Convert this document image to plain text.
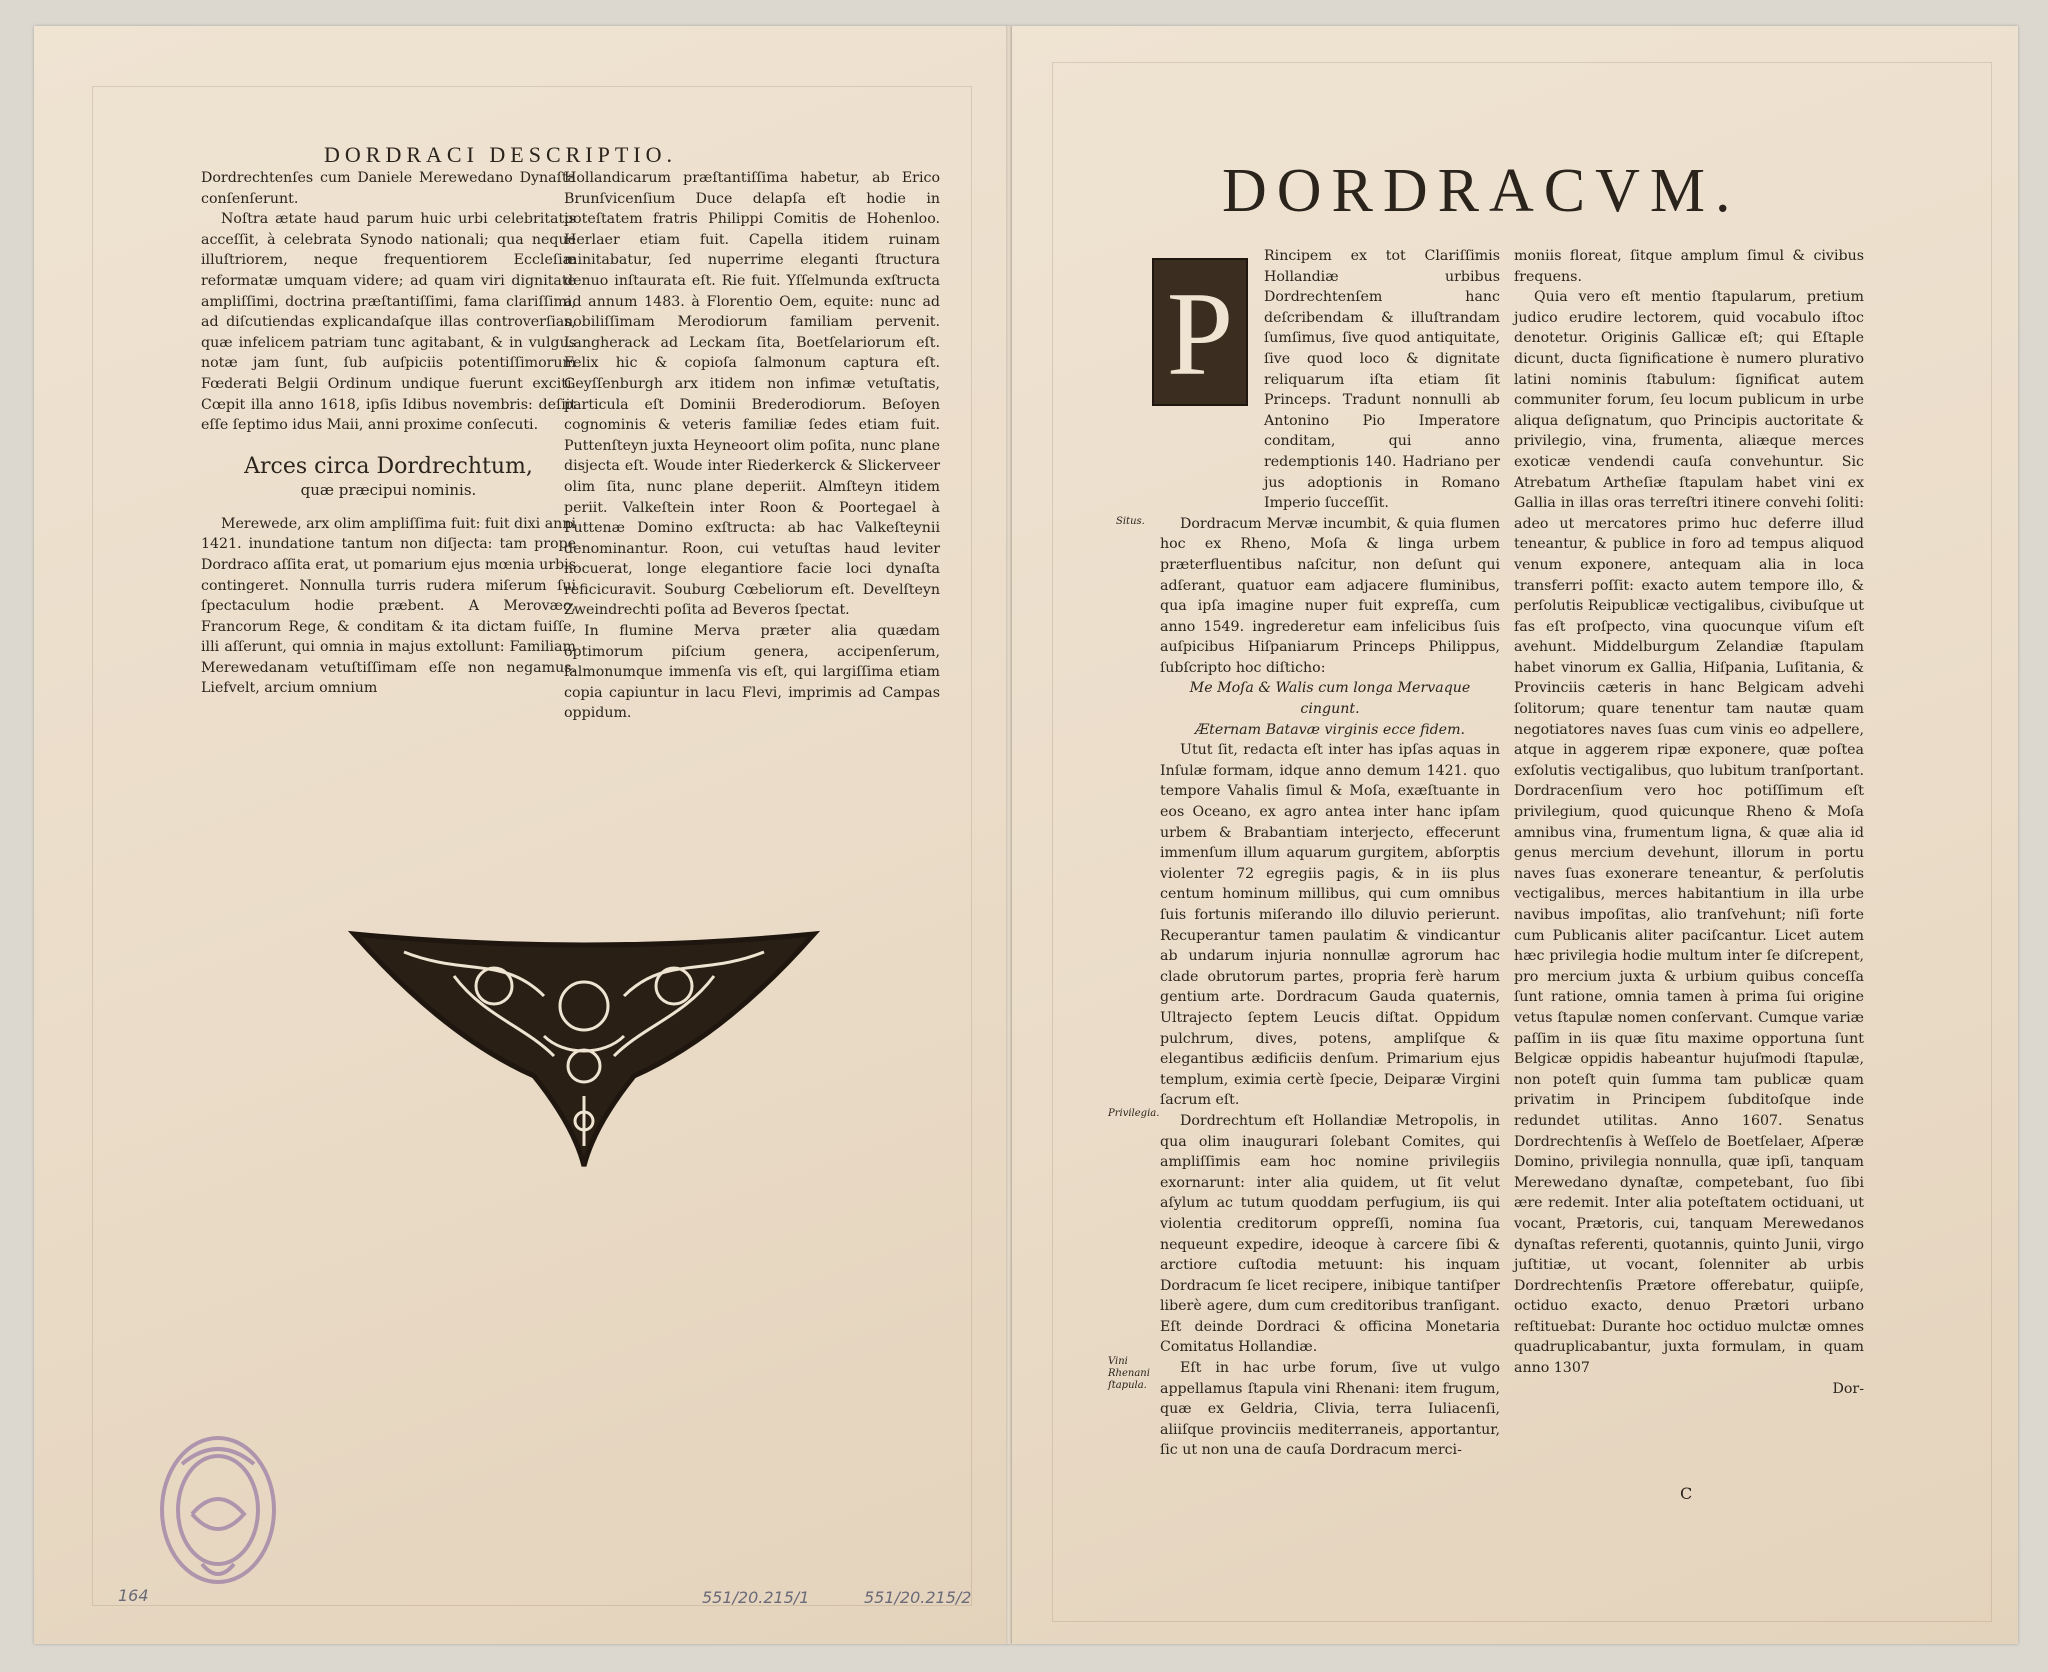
DORDRACI DESCRIPTIO.

Dordrechtenſes cum Daniele Merewedano Dynaſta conſenſerunt.

Noſtra ætate haud parum huic urbi celebritatis acceſſit, à celebrata Synodo nationali; qua neque illuſtriorem, neque frequentiorem Eccleſiæ reformatæ umquam videre; ad quam viri dignitate ampliſſimi, doctrina præſtantiſſimi, fama clariſſimi, ad diſcutiendas explicandaſque illas controverſias, quæ infelicem patriam tunc agitabant, & in vulgus notæ jam ſunt, ſub auſpiciis potentiſſimorum Fœderati Belgii Ordinum undique fuerunt exciti. Cœpit illa anno 1618, ipſis Idibus novembris: deſiit eſſe ſeptimo idus Maii, anni proxime conſecuti.

Arces circa Dordrechtum,
quæ præcipui nominis.

Merewede, arx olim ampliſſima fuit: fuit dixi anni 1421. inundatione tantum non diſjecta: tam prope Dordraco aſſita erat, ut pomarium ejus mœnia urbis contingeret. Nonnulla turris rudera miſerum ſui ſpectaculum hodie præbent. A Merovæo, Francorum Rege, & conditam & ita dictam fuiſſe, illi aſſerunt, qui omnia in majus extollunt: Familiam Merewedanam vetuſtiſſimam eſſe non negamus. Liefvelt, arcium omnium

Hollandicarum præſtantiſſima habetur, ab Erico Brunſvicenſium Duce delapſa eſt hodie in poteſtatem fratris Philippi Comitis de Hohenloo. Herlaer etiam fuit. Capella itidem ruinam minitabatur, ſed nuperrime eleganti ſtructura denuo inſtaurata eſt. Rie fuit. Yſſelmunda exſtructa ad annum 1483. à Florentio Oem, equite: nunc ad nobiliſſimam Merodiorum familiam pervenit. Langherack ad Leckam ſita, Boetſelariorum eſt. Felix hic & copioſa ſalmonum captura eſt. Geyſſenburgh arx itidem non infimæ vetuſtatis, particula eſt Dominii Brederodiorum. Beſoyen cognominis & veteris familiæ ſedes etiam fuit. Puttenſteyn juxta Heyneoort olim poſita, nunc plane disjecta eſt. Woude inter Riederkerck & Slickerveer olim ſita, nunc plane deperiit. Almſteyn itidem periit. Valkeſtein inter Roon & Poortegael à Puttenæ Domino exſtructa: ab hac Valkeſteynii denominantur. Roon, cui vetuſtas haud leviter nocuerat, longe elegantiore facie loci dynaſta reficicuravit. Souburg Cœbeliorum eſt. Develſteyn Zweindrechti poſita ad Beveros ſpectat.

In flumine Merva præter alia quædam optimorum piſcium genera, accipenſerum, ſalmonumque immenſa vis eſt, qui largiſſima etiam copia capiuntur in lacu Flevi, imprimis ad Campas oppidum.

164	551/20.215/1	551/20.215/2
DORDRACVM.
P

Rincipem ex tot Clariſſimis Hollandiæ urbibus Dordrechtenſem hanc deſcribendam & illuſtrandam ſumſimus, ſive quod antiquitate, ſive quod loco & dignitate reliquarum iſta etiam ſit Princeps. Tradunt nonnulli ab Antonino Pio Imperatore conditam, qui anno redemptionis 140. Hadriano per jus adoptionis in Romano Imperio ſucceſſit.

Dordracum Mervæ incumbit, & quia flumen hoc ex Rheno, Moſa & linga urbem præterfluentibus naſcitur, non deſunt qui adſerant, quatuor eam adjacere fluminibus, qua ipſa imagine nuper fuit expreſſa, cum anno 1549. ingrederetur eam infelicibus ſuis auſpicibus Hiſpaniarum Princeps Philippus, ſubſcripto hoc diſticho:

Me Moſa & Walis cum longa Mervaque cingunt.

Æternam Batavæ virginis ecce fidem.

Utut ſit, redacta eſt inter has ipſas aquas in Inſulæ formam, idque anno demum 1421. quo tempore Vahalis ſimul & Moſa, exæſtuante in eos Oceano, ex agro antea inter hanc ipſam urbem & Brabantiam interjecto, effecerunt immenſum illum aquarum gurgitem, abſorptis violenter 72 egregiis pagis, & in iis plus centum hominum millibus, qui cum omnibus ſuis fortunis miſerando illo diluvio perierunt. Recuperantur tamen paulatim & vindicantur ab undarum injuria nonnullæ agrorum hac clade obrutorum partes, propria ferè harum gentium arte. Dordracum Gauda quaternis, Ultrajecto ſeptem Leucis diſtat. Oppidum pulchrum, dives, potens, ampliſque & elegantibus ædificiis denſum. Primarium ejus templum, eximia certè ſpecie, Deiparæ Virgini ſacrum eſt.

Dordrechtum eſt Hollandiæ Metropolis, in qua olim inaugurari ſolebant Comites, qui ampliſſimis eam hoc nomine privilegiis exornarunt: inter alia quidem, ut ſit velut aſylum ac tutum quoddam perfugium, iis qui violentia creditorum oppreſſi, nomina ſua nequeunt expedire, ideoque à carcere ſibi & arctiore cuſtodia metuunt: his inquam Dordracum ſe licet recipere, inibique tantiſper liberè agere, dum cum creditoribus tranſigant. Eſt deinde Dordraci & officina Monetaria Comitatus Hollandiæ.

Eſt in hac urbe forum, ſive ut vulgo appellamus ſtapula vini Rhenani: item frugum, quæ ex Geldria, Clivia, terra Iuliacenſi, aliiſque provinciis mediterraneis, apportantur, ſic ut non una de cauſa Dordracum merci-

moniis floreat, ſitque amplum ſimul & civibus frequens.

Quia vero eſt mentio ſtapularum, pretium judico erudire lectorem, quid vocabulo iſtoc denotetur. Originis Gallicæ eſt; qui Eſtaple dicunt, ducta ſignificatione è numero plurativo latini nominis ſtabulum: ſignificat autem communiter forum, ſeu locum publicum in urbe aliqua deſignatum, quo Principis auctoritate & privilegio, vina, frumenta, aliæque merces exoticæ vendendi cauſa convehuntur. Sic Atrebatum Artheſiæ ſtapulam habet vini ex Gallia in illas oras terreſtri itinere convehi ſoliti: adeo ut mercatores primo huc deferre illud teneantur, & publice in foro ad tempus aliquod venum exponere, antequam alia in loca transferri poſſit: exacto autem tempore illo, & perſolutis Reipublicæ vectigalibus, civibuſque ut fas eſt proſpecto, vina quocunque viſum eſt avehunt. Middelburgum Zelandiæ ſtapulam habet vinorum ex Gallia, Hiſpania, Luſitania, & Provinciis cæteris in hanc Belgicam advehi ſolitorum; quare tenentur tam nautæ quam negotiatores naves ſuas cum vinis eo adpellere, atque in aggerem ripæ exponere, quæ poſtea exſolutis vectigalibus, quo lubitum tranſportant. Dordracenſium vero hoc potiſſimum eſt privilegium, quod quicunque Rheno & Moſa amnibus vina, frumentum ligna, & quæ alia id genus mercium devehunt, illorum in portu naves ſuas exonerare teneantur, & perſolutis vectigalibus, merces habitantium in illa urbe navibus impoſitas, alio tranſvehunt; niſi forte cum Publicanis aliter paciſcantur. Licet autem hæc privilegia hodie multum inter ſe diſcrepent, pro mercium juxta & urbium quibus conceſſa ſunt ratione, omnia tamen à prima ſui origine vetus ſtapulæ nomen conſervant. Cumque variæ paſſim in iis quæ ſitu maxime opportuna ſunt Belgicæ oppidis habeantur hujuſmodi ſtapulæ, non poteſt quin ſumma tam publicæ quam privatim in Principem ſubditoſque inde redundet utilitas. Anno 1607. Senatus Dordrechtenſis à Weſſelo de Boetſelaer, Aſperæ Domino, privilegia nonnulla, quæ ipſi, tanquam Merewedano dynaſtæ, competebant, ſuo ſibi ære redemit. Inter alia poteſtatem octiduani, ut vocant, Prætoris, cui, tanquam Merewedanos dynaſtas referenti, quotannis, quinto Junii, virgo juſtitiæ, ut vocant, ſolenniter ab urbis Dordrechtenſis Prætore offerebatur, quiipſe, octiduo exacto, denuo Prætori urbano reſtituebat: Durante hoc octiduo mulctæ omnes quadruplicabantur, juxta formulam, in quam anno 1307

Dor-

Situs.
Privilegia.
Vini Rhenani ſtapula.
C
